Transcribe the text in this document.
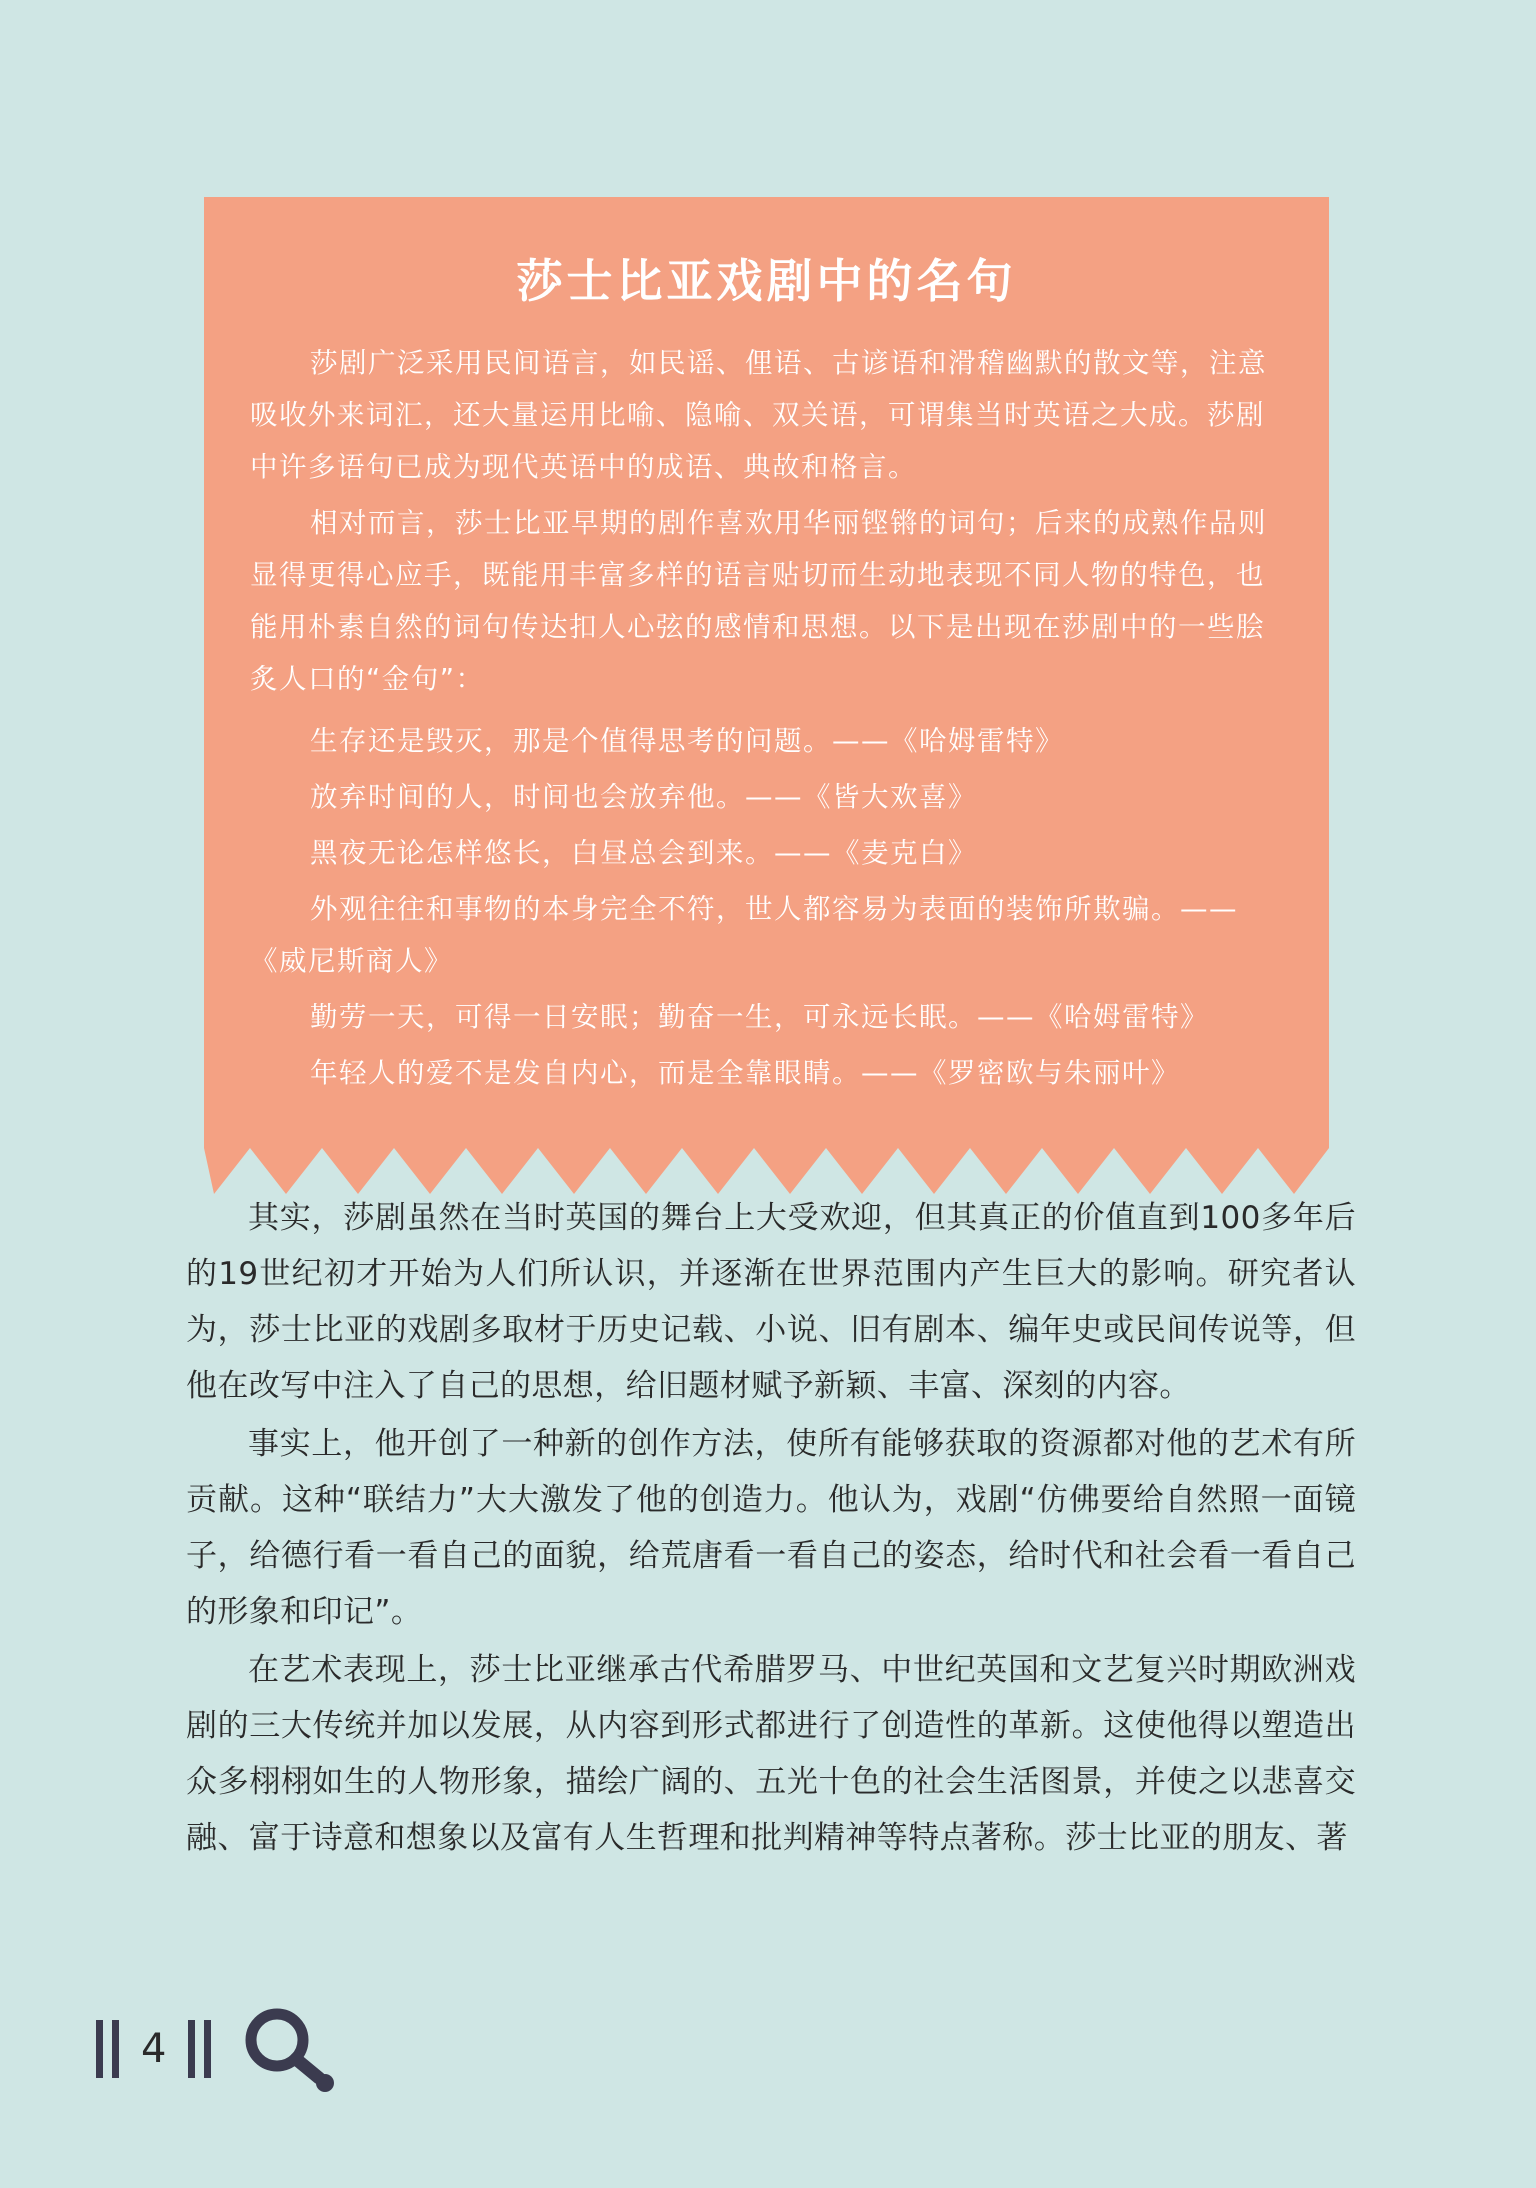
莎士比亚戏剧中的名句

莎剧广泛采用民间语言，如民谣、俚语、古谚语和滑稽幽默的散文等，注意吸收外来词汇，还大量运用比喻、隐喻、双关语，可谓集当时英语之大成。莎剧中许多语句已成为现代英语中的成语、典故和格言。

相对而言，莎士比亚早期的剧作喜欢用华丽铿锵的词句；后来的成熟作品则显得更得心应手，既能用丰富多样的语言贴切而生动地表现不同人物的特色，也能用朴素自然的词句传达扣人心弦的感情和思想。以下是出现在莎剧中的一些脍炙人口的“金句”：

生存还是毁灭，那是个值得思考的问题。——《哈姆雷特》

放弃时间的人，时间也会放弃他。——《皆大欢喜》

黑夜无论怎样悠长，白昼总会到来。——《麦克白》

外观往往和事物的本身完全不符，世人都容易为表面的装饰所欺骗。——《威尼斯商人》

勤劳一天，可得一日安眠；勤奋一生，可永远长眠。——《哈姆雷特》

年轻人的爱不是发自内心，而是全靠眼睛。——《罗密欧与朱丽叶》

其实，莎剧虽然在当时英国的舞台上大受欢迎，但其真正的价值直到100多年后的19世纪初才开始为人们所认识，并逐渐在世界范围内产生巨大的影响。研究者认为，莎士比亚的戏剧多取材于历史记载、小说、旧有剧本、编年史或民间传说等，但他在改写中注入了自己的思想，给旧题材赋予新颖、丰富、深刻的内容。

事实上，他开创了一种新的创作方法，使所有能够获取的资源都对他的艺术有所贡献。这种“联结力”大大激发了他的创造力。他认为，戏剧“仿佛要给自然照一面镜子，给德行看一看自己的面貌，给荒唐看一看自己的姿态，给时代和社会看一看自己的形象和印记”。

在艺术表现上，莎士比亚继承古代希腊罗马、中世纪英国和文艺复兴时期欧洲戏剧的三大传统并加以发展，从内容到形式都进行了创造性的革新。这使他得以塑造出众多栩栩如生的人物形象，描绘广阔的、五光十色的社会生活图景，并使之以悲喜交融、富于诗意和想象以及富有人生哲理和批判精神等特点著称。莎士比亚的朋友、著

4
